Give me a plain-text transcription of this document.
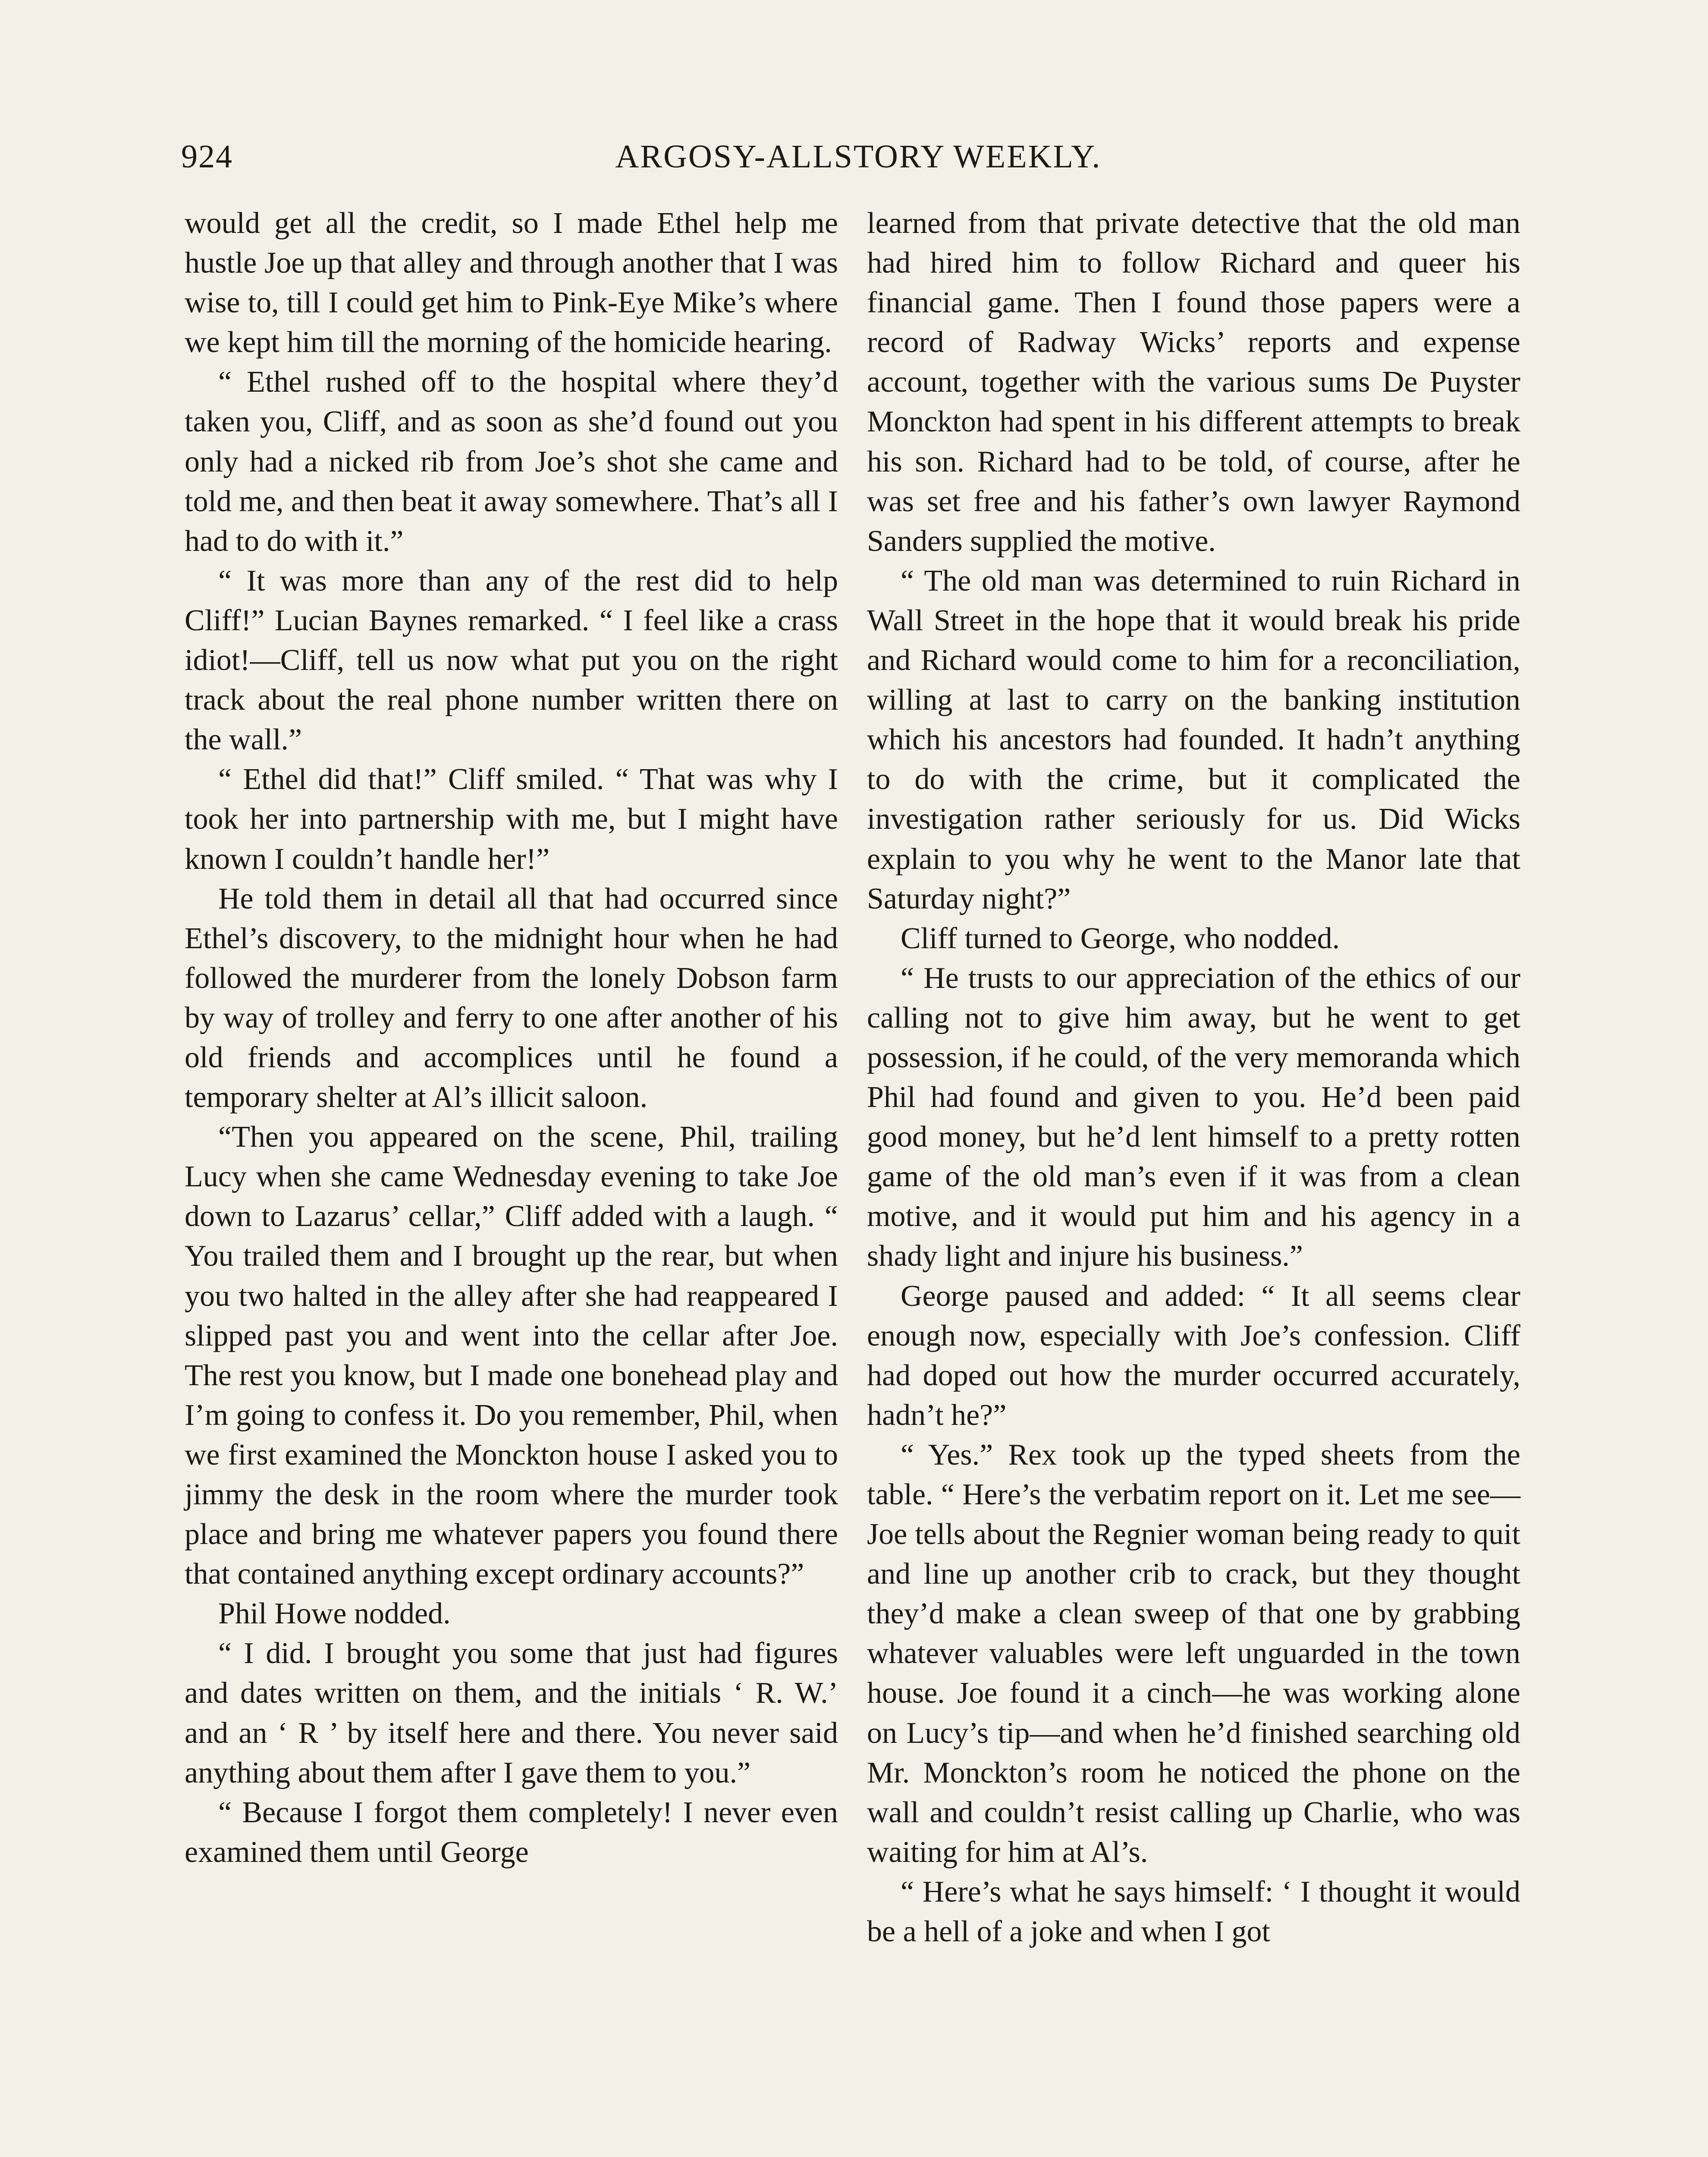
924	ARGOSY-ALLSTORY WEEKLY.

would get all the credit, so I made Ethel help me hustle Joe up that alley and through another that I was wise to, till I could get him to Pink-Eye Mike’s where we kept him till the morning of the homicide hearing.

“ Ethel rushed off to the hospital where they’d taken you, Cliff, and as soon as she’d found out you only had a nicked rib from Joe’s shot she came and told me, and then beat it away somewhere. That’s all I had to do with it.”

“ It was more than any of the rest did to help Cliff!” Lucian Baynes remarked. “ I feel like a crass idiot!—Cliff, tell us now what put you on the right track about the real phone number written there on the wall.”

“ Ethel did that!” Cliff smiled. “ That was why I took her into partnership with me, but I might have known I couldn’t handle her!”

He told them in detail all that had occurred since Ethel’s discovery, to the midnight hour when he had followed the murderer from the lonely Dobson farm by way of trolley and ferry to one after another of his old friends and accomplices until he found a temporary shelter at Al’s illicit saloon.

“Then you appeared on the scene, Phil, trailing Lucy when she came Wednesday evening to take Joe down to Lazarus’ cellar,” Cliff added with a laugh. “ You trailed them and I brought up the rear, but when you two halted in the alley after she had reappeared I slipped past you and went into the cellar after Joe. The rest you know, but I made one bonehead play and I’m going to confess it. Do you remember, Phil, when we first examined the Monckton house I asked you to jimmy the desk in the room where the murder took place and bring me whatever papers you found there that contained anything except ordinary accounts?”

Phil Howe nodded.

“ I did. I brought you some that just had figures and dates written on them, and the initials ‘ R. W.’ and an ‘ R ’ by itself here and there. You never said anything about them after I gave them to you.”

“ Because I forgot them completely! I never even examined them until George

learned from that private detective that the old man had hired him to follow Richard and queer his financial game. Then I found those papers were a record of Radway Wicks’ reports and expense account, together with the various sums De Puyster Monckton had spent in his different attempts to break his son. Richard had to be told, of course, after he was set free and his father’s own lawyer Raymond Sanders supplied the motive.

“ The old man was determined to ruin Richard in Wall Street in the hope that it would break his pride and Richard would come to him for a reconciliation, willing at last to carry on the banking institution which his ancestors had founded. It hadn’t anything to do with the crime, but it complicated the investigation rather seriously for us. Did Wicks explain to you why he went to the Manor late that Saturday night?”

Cliff turned to George, who nodded.

“ He trusts to our appreciation of the ethics of our calling not to give him away, but he went to get possession, if he could, of the very memoranda which Phil had found and given to you. He’d been paid good money, but he’d lent himself to a pretty rotten game of the old man’s even if it was from a clean motive, and it would put him and his agency in a shady light and injure his business.”

George paused and added: “ It all seems clear enough now, especially with Joe’s confession. Cliff had doped out how the murder occurred accurately, hadn’t he?”

“ Yes.” Rex took up the typed sheets from the table. “ Here’s the verbatim report on it. Let me see—Joe tells about the Regnier woman being ready to quit and line up another crib to crack, but they thought they’d make a clean sweep of that one by grabbing whatever valuables were left unguarded in the town house. Joe found it a cinch—he was working alone on Lucy’s tip—and when he’d finished searching old Mr. Monckton’s room he noticed the phone on the wall and couldn’t resist calling up Charlie, who was waiting for him at Al’s.

“ Here’s what he says himself: ‘ I thought it would be a hell of a joke and when I got
